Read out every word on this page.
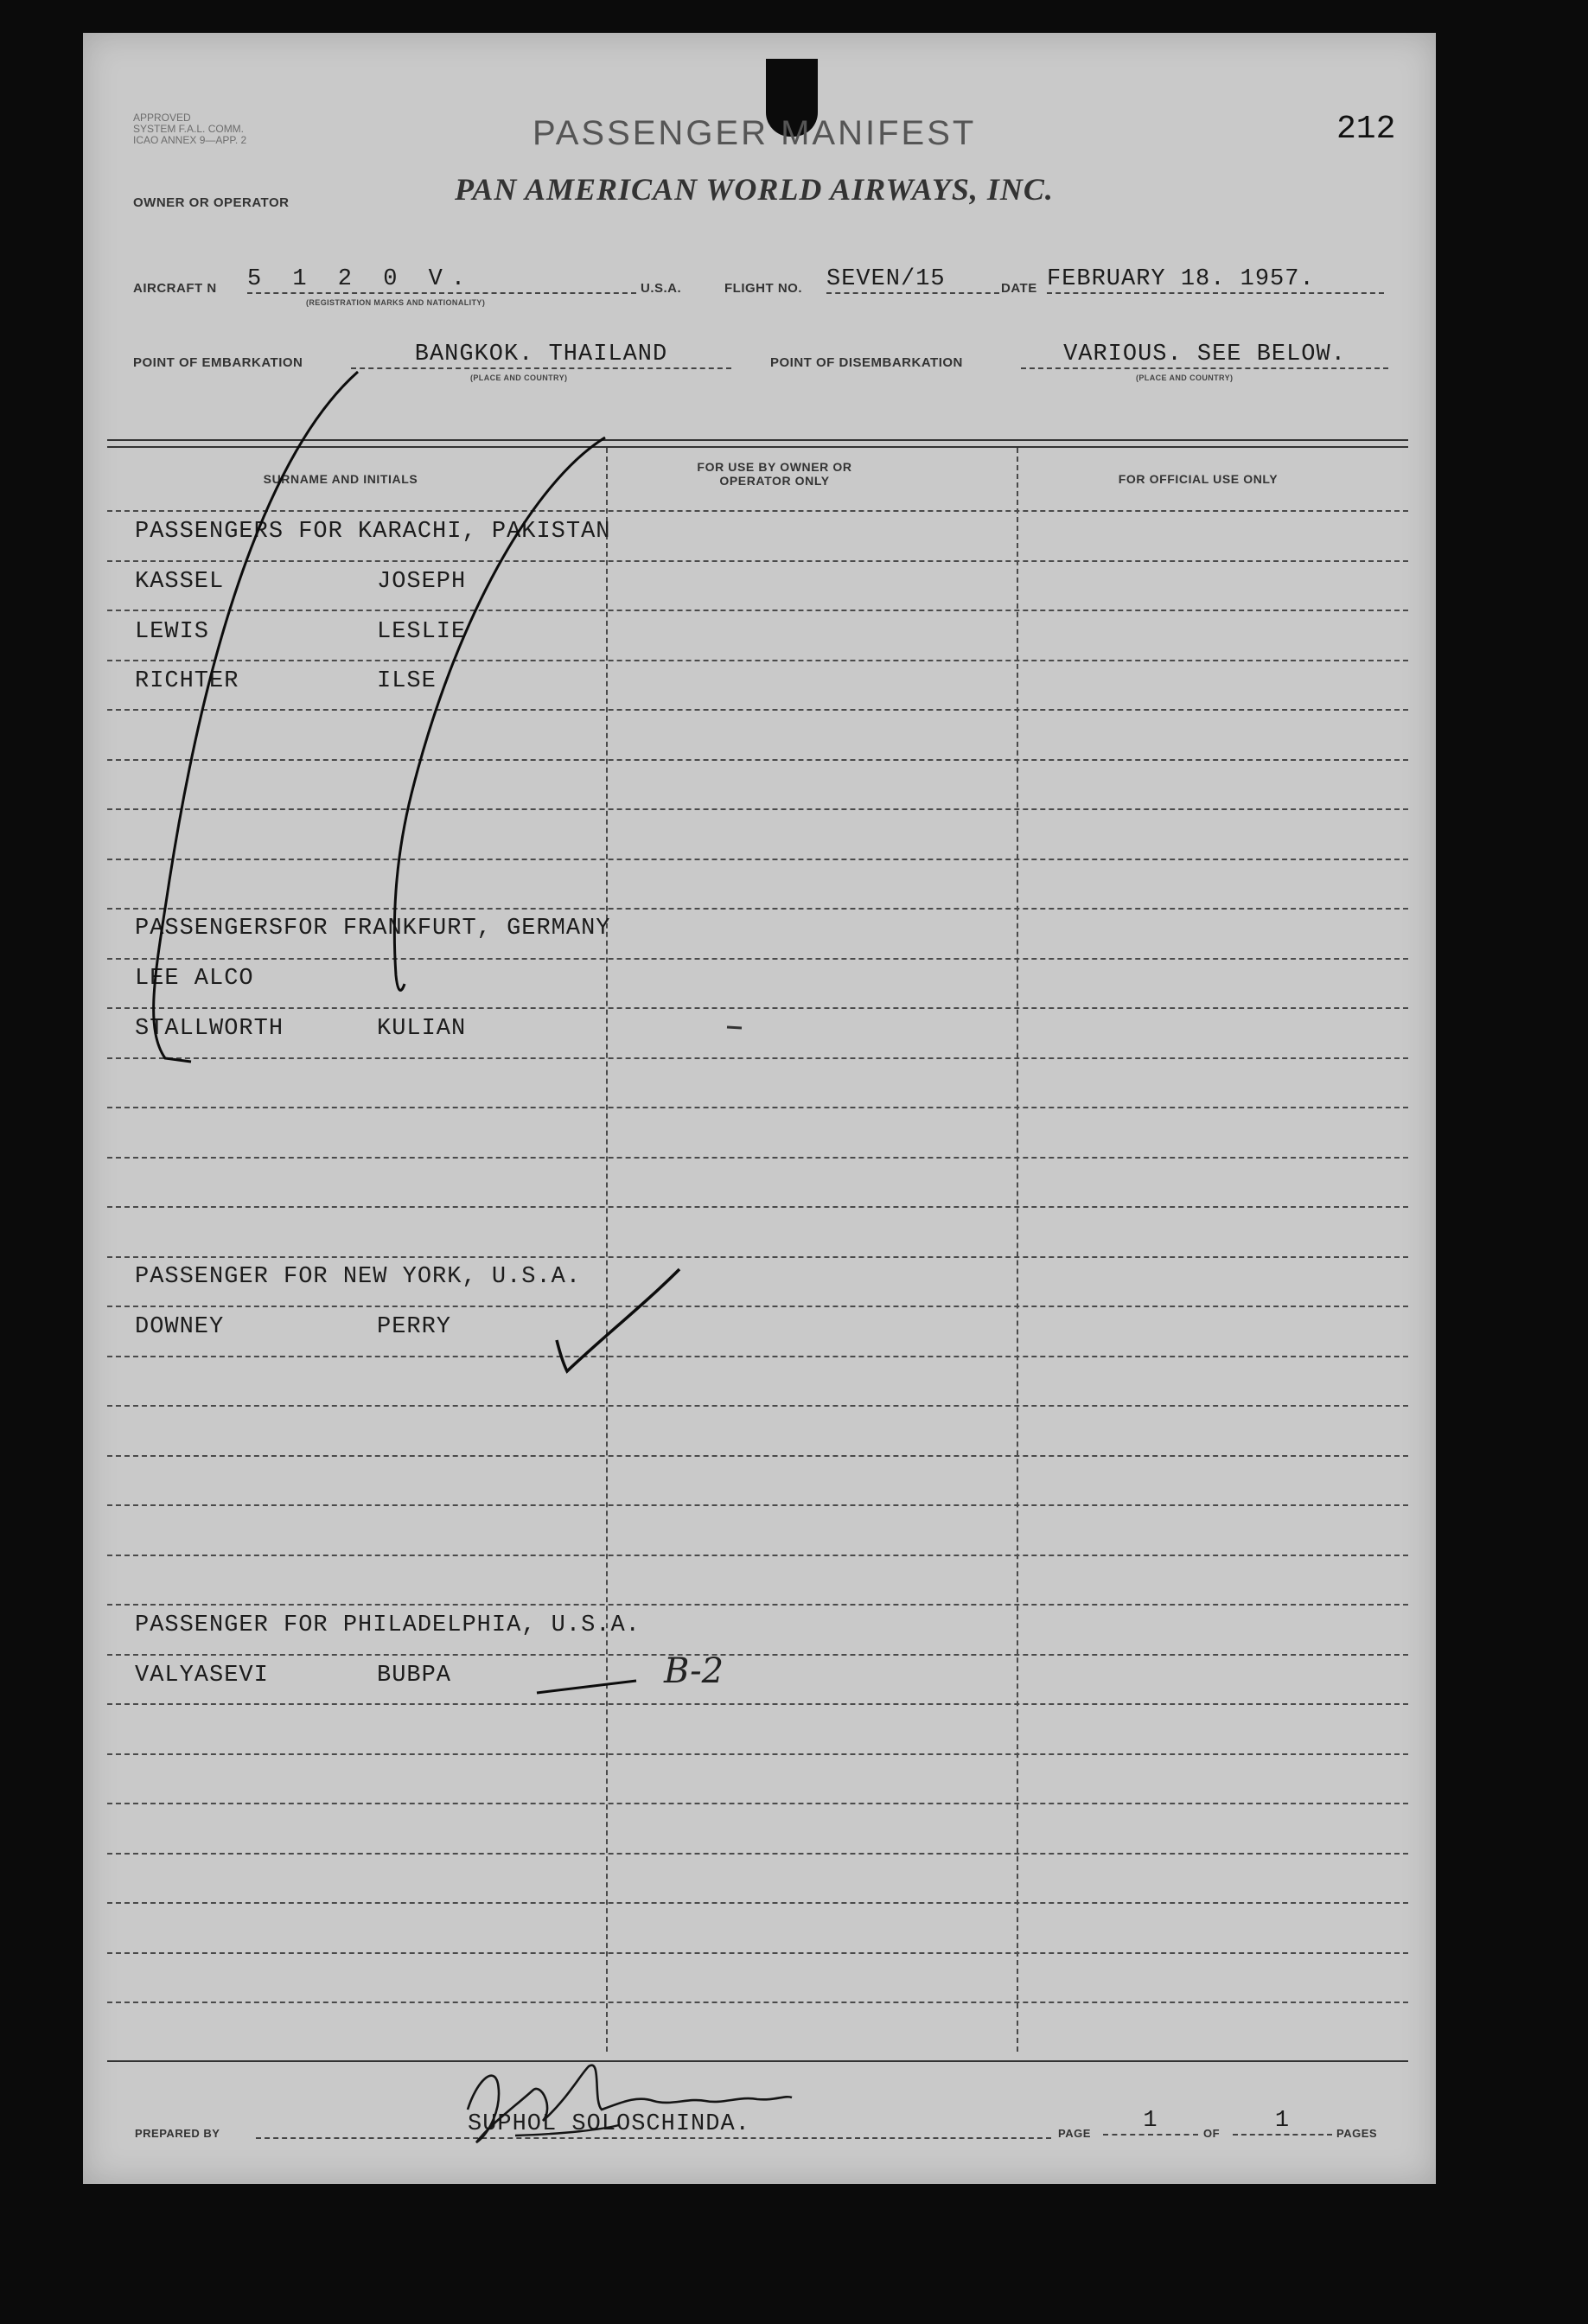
APPROVED
SYSTEM F.A.L. COMM.
ICAO ANNEX 9—APP. 2	PASSENGER MANIFEST	212
OWNER OR OPERATOR	PAN AMERICAN WORLD AIRWAYS, INC.
AIRCRAFT N 5 1 2 0 V.
(REGISTRATION MARKS AND NATIONALITY)
U.S.A.	FLIGHT NO. SEVEN/15	DATE FEBRUARY 18. 1957.
POINT OF EMBARKATION	BANGKOK. THAILAND
(PLACE AND COUNTRY)
POINT OF DISEMBARKATION	VARIOUS. SEE BELOW.
(PLACE AND COUNTRY)
SURNAME AND INITIALS
FOR USE BY OWNER OR OPERATOR ONLY	FOR OFFICIAL USE ONLY
PASSENGERS FOR KARACHI, PAKISTAN
KASSEL	JOSEPH
LEWIS	LESLIE
RICHTER	ILSE
PASSENGERSFOR FRANKFURT, GERMANY
LEE ALCO
STALLWORTH	KULIAN
PASSENGER FOR NEW YORK, U.S.A.
DOWNEY	PERRY
PASSENGER FOR PHILADELPHIA, U.S.A.
VALYASEVI	BUBPA	B-2
PREPARED BY	SUPHOL SOLOSCHINDA.	PAGE	1	OF	1	PAGES
